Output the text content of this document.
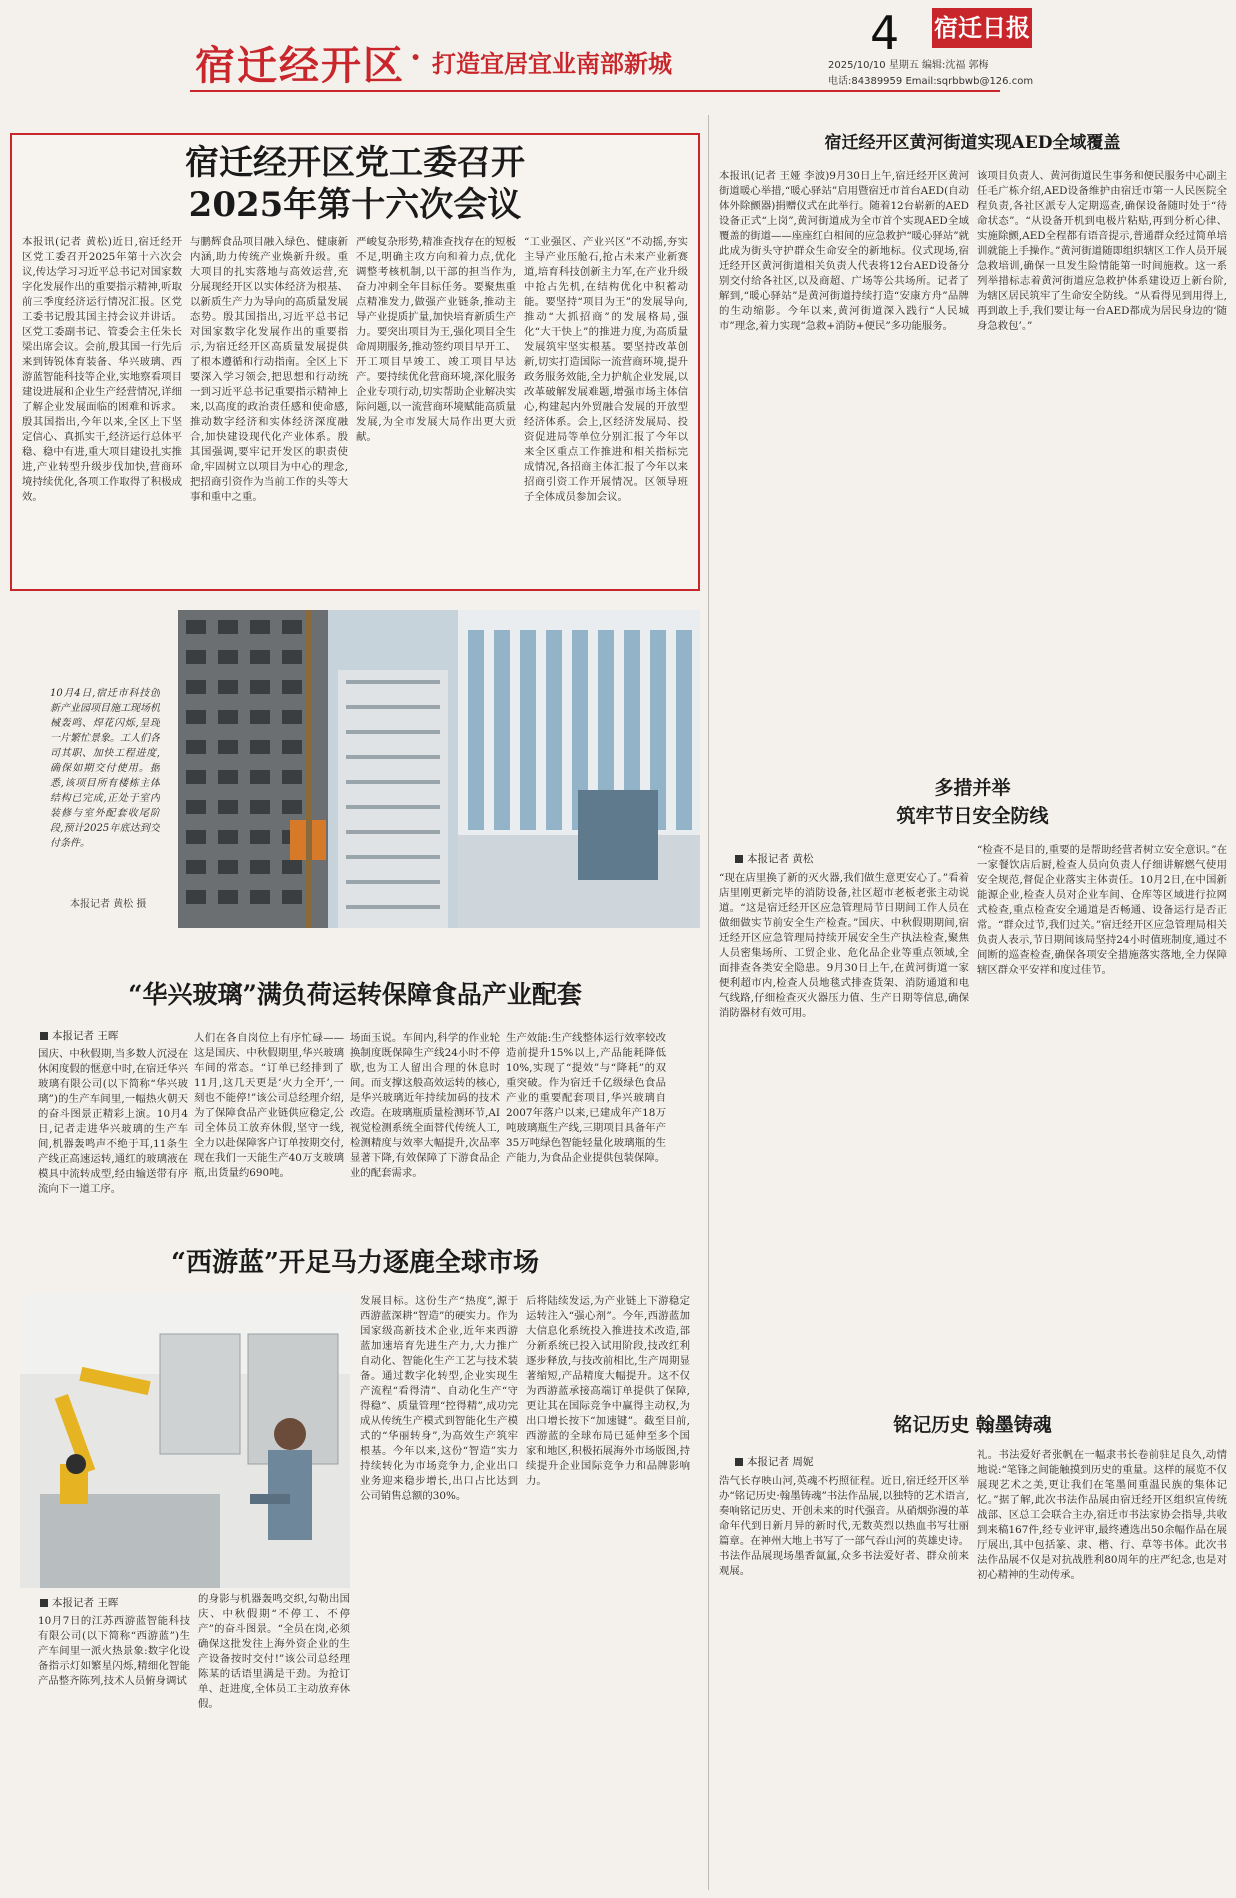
宿迁经开区 · 打造宜居宜业南部新城
4 宿迁日报
2025/10/10 星期五 编辑:沈福 郭梅
电话:84389959 Email:sqrbbwb@126.com
宿迁经开区党工委召开
2025年第十六次会议
本报讯(记者 黄松)近日,宿迁经开区党工委召开2025年第十六次会议,传达学习习近平总书记对国家数字化发展作出的重要指示精神,听取前三季度经济运行情况汇报。区党工委书记殷其国主持会议并讲话。区党工委副书记、管委会主任朱长梁出席会议。会前,殷其国一行先后来到铸锐体育装备、华兴玻璃、西游蓝智能科技等企业,实地察看项目建设进展和企业生产经营情况,详细了解企业发展面临的困难和诉求。殷其国指出,今年以来,全区上下坚定信心、真抓实干,经济运行总体平稳、稳中有进,重大项目建设扎实推进,产业转型升级步伐加快,营商环境持续优化,各项工作取得了积极成效。
与鹏辉食品项目融入绿色、健康新内涵,助力传统产业焕新升级。重大项目的扎实落地与高效运营,充分展现经开区以实体经济为根基、以新质生产力为导向的高质量发展态势。殷其国指出,习近平总书记对国家数字化发展作出的重要指示,为宿迁经开区高质量发展提供了根本遵循和行动指南。全区上下要深入学习领会,把思想和行动统一到习近平总书记重要指示精神上来,以高度的政治责任感和使命感,推动数字经济和实体经济深度融合,加快建设现代化产业体系。殷其国强调,要牢记开发区的职责使命,牢固树立以项目为中心的理念,把招商引资作为当前工作的头等大事和重中之重。
严峻复杂形势,精准查找存在的短板不足,明确主攻方向和着力点,优化调整考核机制,以干部的担当作为,奋力冲刺全年目标任务。要聚焦重点精准发力,做强产业链条,推动主导产业提质扩量,加快培育新质生产力。要突出项目为王,强化项目全生命周期服务,推动签约项目早开工、开工项目早竣工、竣工项目早达产。要持续优化营商环境,深化服务企业专项行动,切实帮助企业解决实际问题,以一流营商环境赋能高质量发展,为全市发展大局作出更大贡献。
“工业强区、产业兴区”不动摇,夯实主导产业压舱石,抢占未来产业新赛道,培育科技创新主力军,在产业升级中抢占先机,在结构优化中积蓄动能。要坚持“项目为王”的发展导向,推动“大抓招商”的发展格局,强化“大干快上”的推进力度,为高质量发展筑牢坚实根基。要坚持改革创新,切实打造国际一流营商环境,提升政务服务效能,全力护航企业发展,以改革破解发展难题,增强市场主体信心,构建起内外贸融合发展的开放型经济体系。会上,区经济发展局、投资促进局等单位分别汇报了今年以来全区重点工作推进和相关指标完成情况,各招商主体汇报了今年以来招商引资工作开展情况。区领导班子全体成员参加会议。
10月4日,宿迁市科技创新产业园项目施工现场机械轰鸣、焊花闪烁,呈现一片繁忙景象。工人们各司其职、加快工程进度,确保如期交付使用。据悉,该项目所有楼栋主体结构已完成,正处于室内装修与室外配套收尾阶段,预计2025年底达到交付条件。
本报记者 黄松 摄
“华兴玻璃”满负荷运转保障食品产业配套
本报记者 王晖
国庆、中秋假期,当多数人沉浸在休闲度假的惬意中时,在宿迁华兴玻璃有限公司(以下简称“华兴玻璃”)的生产车间里,一幅热火朝天的奋斗图景正精彩上演。10月4日,记者走进华兴玻璃的生产车间,机器轰鸣声不绝于耳,11条生产线正高速运转,通红的玻璃液在模具中流转成型,经由输送带有序流向下一道工序。
人们在各自岗位上有序忙碌——这是国庆、中秋假期里,华兴玻璃车间的常态。“订单已经排到了11月,这几天更是‘火力全开’,一刻也不能停!”该公司总经理介绍,为了保障食品产业链供应稳定,公司全体员工放弃休假,坚守一线,全力以赴保障客户订单按期交付,现在我们一天能生产40万支玻璃瓶,出货量约690吨。
场面玉说。车间内,科学的作业轮换制度既保障生产线24小时不停歇,也为工人留出合理的休息时间。而支撑这般高效运转的核心,是华兴玻璃近年持续加码的技术改造。在玻璃瓶质量检测环节,AI视觉检测系统全面替代传统人工,检测精度与效率大幅提升,次品率显著下降,有效保障了下游食品企业的配套需求。
生产效能:生产线整体运行效率较改造前提升15%以上,产品能耗降低10%,实现了“提效”与“降耗”的双重突破。作为宿迁千亿级绿色食品产业的重要配套项目,华兴玻璃自2007年落户以来,已建成年产18万吨玻璃瓶生产线,三期项目具备年产35万吨绿色智能轻量化玻璃瓶的生产能力,为食品企业提供包装保障。
“西游蓝”开足马力逐鹿全球市场
本报记者 王晖
10月7日的江苏西游蓝智能科技有限公司(以下简称“西游蓝”)生产车间里一派火热景象:数字化设备指示灯如繁星闪烁,精细化智能产品整齐陈列,技术人员俯身调试
的身影与机器轰鸣交织,勾勒出国庆、中秋假期“不停工、不停产”的奋斗图景。“全员在岗,必须确保这批发往上海外资企业的生产设备按时交付!”该公司总经理陈某的话语里满是干劲。为抢订单、赶进度,全体员工主动放弃休假。
发展目标。这份生产“热度”,源于西游蓝深耕“智造”的硬实力。作为国家级高新技术企业,近年来西游蓝加速培育先进生产力,大力推广自动化、智能化生产工艺与技术装备。通过数字化转型,企业实现生产流程“看得清”、自动化生产“守得稳”、质量管理“控得精”,成功完成从传统生产模式到智能化生产模式的“华丽转身”,为高效生产筑牢根基。今年以来,这份“智造”实力持续转化为市场竞争力,企业出口业务迎来稳步增长,出口占比达到公司销售总额的30%。
后将陆续发运,为产业链上下游稳定运转注入“强心剂”。今年,西游蓝加大信息化系统投入推进技术改造,部分新系统已投入试用阶段,技改红利逐步释放,与技改前相比,生产周期显著缩短,产品精度大幅提升。这不仅为西游蓝承接高端订单提供了保障,更让其在国际竞争中赢得主动权,为出口增长按下“加速键”。截至目前,西游蓝的全球布局已延伸至多个国家和地区,积极拓展海外市场版图,持续提升企业国际竞争力和品牌影响力。
宿迁经开区黄河街道实现AED全域覆盖
本报讯(记者 王娅 李波)9月30日上午,宿迁经开区黄河街道暖心举措,“暖心驿站”启用暨宿迁市首台AED(自动体外除颤器)捐赠仪式在此举行。随着12台崭新的AED设备正式“上岗”,黄河街道成为全市首个实现AED全域覆盖的街道——座座红白相间的应急救护“暖心驿站”就此成为街头守护群众生命安全的新地标。仪式现场,宿迁经开区黄河街道相关负责人代表将12台AED设备分别交付给各社区,以及商超、广场等公共场所。记者了解到,“暖心驿站”是黄河街道持续打造“安康方舟”品牌的生动缩影。今年以来,黄河街道深入践行“人民城市”理念,着力实现“急救+消防+便民”多功能服务。
该项目负责人、黄河街道民生事务和便民服务中心副主任毛广栋介绍,AED设备维护由宿迁市第一人民医院全程负责,各社区派专人定期巡查,确保设备随时处于“待命状态”。“从设备开机到电极片粘贴,再到分析心律、实施除颤,AED全程都有语音提示,普通群众经过简单培训就能上手操作。”黄河街道随即组织辖区工作人员开展急救培训,确保一旦发生险情能第一时间施救。这一系列举措标志着黄河街道应急救护体系建设迈上新台阶,为辖区居民筑牢了生命安全防线。“从看得见到用得上,再到敢上手,我们要让每一台AED都成为居民身边的‘随身急救包’。”
多措并举
筑牢节日安全防线
本报记者 黄松
“现在店里换了新的灭火器,我们做生意更安心了。”看着店里刚更新完毕的消防设备,社区超市老板老张主动说道。“这是宿迁经开区应急管理局节日期间工作人员在做细做实节前安全生产检查。”国庆、中秋假期期间,宿迁经开区应急管理局持续开展安全生产执法检查,聚焦人员密集场所、工贸企业、危化品企业等重点领域,全面排查各类安全隐患。9月30日上午,在黄河街道一家便利超市内,检查人员地毯式排查货架、消防通道和电气线路,仔细检查灭火器压力值、生产日期等信息,确保消防器材有效可用。
“检查不是目的,重要的是帮助经营者树立安全意识。”在一家餐饮店后厨,检查人员向负责人仔细讲解燃气使用安全规范,督促企业落实主体责任。10月2日,在中国新能源企业,检查人员对企业车间、仓库等区域进行拉网式检查,重点检查安全通道是否畅通、设备运行是否正常。“群众过节,我们过关。”宿迁经开区应急管理局相关负责人表示,节日期间该局坚持24小时值班制度,通过不间断的巡查检查,确保各项安全措施落实落地,全力保障辖区群众平安祥和度过佳节。
铭记历史 翰墨铸魂
本报记者 周妮
浩气长存映山河,英魂不朽照征程。近日,宿迁经开区举办“铭记历史·翰墨铸魂”书法作品展,以独特的艺术语言,奏响铭记历史、开创未来的时代强音。从硝烟弥漫的革命年代到日新月异的新时代,无数英烈以热血书写壮丽篇章。在神州大地上书写了一部气吞山河的英雄史诗。书法作品展现场墨香氤氲,众多书法爱好者、群众前来观展。
礼。书法爱好者张帆在一幅隶书长卷前驻足良久,动情地说:“笔锋之间能触摸到历史的重量。这样的展览不仅展现艺术之美,更让我们在笔墨间重温民族的集体记忆。”据了解,此次书法作品展由宿迁经开区组织宣传统战部、区总工会联合主办,宿迁市书法家协会指导,共收到来稿167件,经专业评审,最终遴选出50余幅作品在展厅展出,其中包括篆、隶、楷、行、草等书体。此次书法作品展不仅是对抗战胜利80周年的庄严纪念,也是对初心精神的生动传承。
